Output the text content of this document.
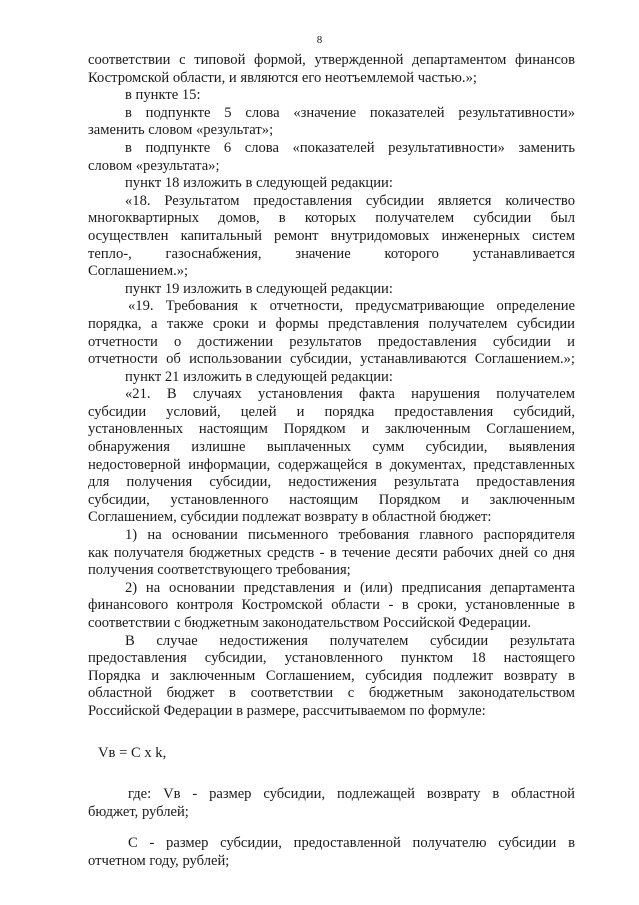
8
соответствии с типовой формой, утвержденной департаментом финансов
Костромской области, и являются его неотъемлемой частью.»;
в пункте 15:
в подпункте 5 слова «значение показателей результативности»
заменить словом «результат»;
в подпункте 6 слова «показателей результативности» заменить
словом «результата»;
пункт 18 изложить в следующей редакции:
«18. Результатом предоставления субсидии является количество
многоквартирных домов, в которых получателем субсидии был
осуществлен капитальный ремонт внутридомовых инженерных систем
тепло-, газоснабжения, значение которого устанавливается
Соглашением.»;
пункт 19 изложить в следующей редакции:
«19. Требования к отчетности, предусматривающие определение
порядка, а также сроки и формы представления получателем субсидии
отчетности о достижении результатов предоставления субсидии и
отчетности об использовании субсидии, устанавливаются Соглашением.»;
пункт 21 изложить в следующей редакции:
«21. В случаях установления факта нарушения получателем
субсидии условий, целей и порядка предоставления субсидий,
установленных настоящим Порядком и заключенным Соглашением,
обнаружения излишне выплаченных сумм субсидии, выявления
недостоверной информации, содержащейся в документах, представленных
для получения субсидии, недостижения результата предоставления
субсидии, установленного настоящим Порядком и заключенным
Соглашением, субсидии подлежат возврату в областной бюджет:
1) на основании письменного требования главного распорядителя
как получателя бюджетных средств - в течение десяти рабочих дней со дня
получения соответствующего требования;
2) на основании представления и (или) предписания департамента
финансового контроля Костромской области - в сроки, установленные в
соответствии с бюджетным законодательством Российской Федерации.
В случае недостижения получателем субсидии результата
предоставления субсидии, установленного пунктом 18 настоящего
Порядка и заключенным Соглашением, субсидия подлежит возврату в
областной бюджет в соответствии с бюджетным законодательством
Российской Федерации в размере, рассчитываемом по формуле:
Vв = C x k,
где: Vв - размер субсидии, подлежащей возврату в областной
бюджет, рублей;
C - размер субсидии, предоставленной получателю субсидии в
отчетном году, рублей;
